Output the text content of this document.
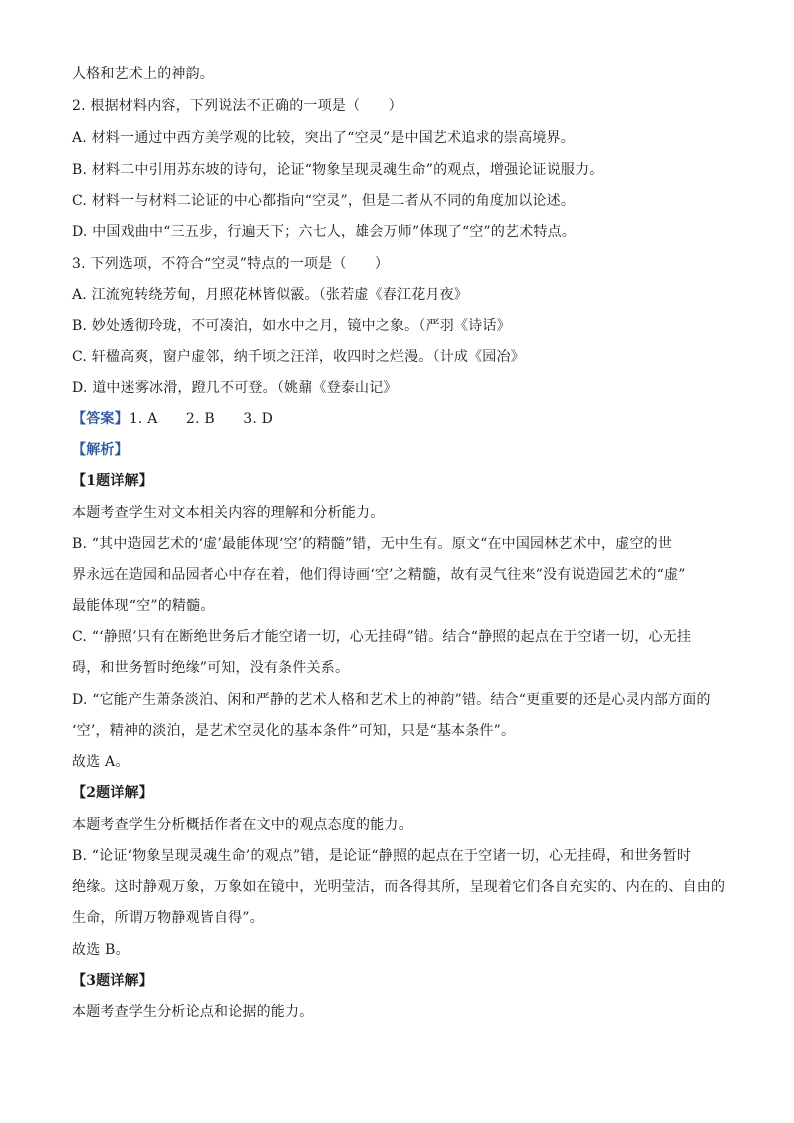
人格和艺术上的神韵。
2. 根据材料内容，下列说法不正确的一项是（　　）
A. 材料一通过中西方美学观的比较，突出了“空灵”是中国艺术追求的崇高境界。
B. 材料二中引用苏东坡的诗句，论证“物象呈现灵魂生命”的观点，增强论证说服力。
C. 材料一与材料二论证的中心都指向“空灵”，但是二者从不同的角度加以论述。
D. 中国戏曲中“三五步，行遍天下；六七人，雄会万师”体现了“空”的艺术特点。
3. 下列选项，不符合“空灵”特点的一项是（　　）
A. 江流宛转绕芳甸，月照花林皆似霰。（张若虚《春江花月夜》
B. 妙处透彻玲珑，不可凑泊，如水中之月，镜中之象。（严羽《诗话》
C. 轩楹高爽，窗户虚邻，纳千顷之汪洋，收四时之烂漫。（计成《园冶》
D. 道中迷雾冰滑，蹬几不可登。（姚鼐《登泰山记》
【答案】1. A　　2. B　　3. D
【解析】
【1题详解】
本题考查学生对文本相关内容的理解和分析能力。
B. “其中造园艺术的‘虚’最能体现‘空’的精髓”错，无中生有。原文“在中国园林艺术中，虚空的世
界永远在造园和品园者心中存在着，他们得诗画‘空’之精髓，故有灵气往来”没有说造园艺术的“虚”
最能体现“空”的精髓。
C. “‘静照’只有在断绝世务后才能空诸一切，心无挂碍”错。结合“静照的起点在于空诸一切，心无挂
碍，和世务暂时绝缘”可知，没有条件关系。
D. “它能产生萧条淡泊、闲和严静的艺术人格和艺术上的神韵”错。结合“更重要的还是心灵内部方面的
‘空’，精神的淡泊，是艺术空灵化的基本条件”可知，只是“基本条件”。
故选 A。
【2题详解】
本题考查学生分析概括作者在文中的观点态度的能力。
B. “论证‘物象呈现灵魂生命’的观点”错，是论证“静照的起点在于空诸一切，心无挂碍，和世务暂时
绝缘。这时静观万象，万象如在镜中，光明莹洁，而各得其所，呈现着它们各自充实的、内在的、自由的
生命，所谓万物静观皆自得”。
故选 B。
【3题详解】
本题考查学生分析论点和论据的能力。
